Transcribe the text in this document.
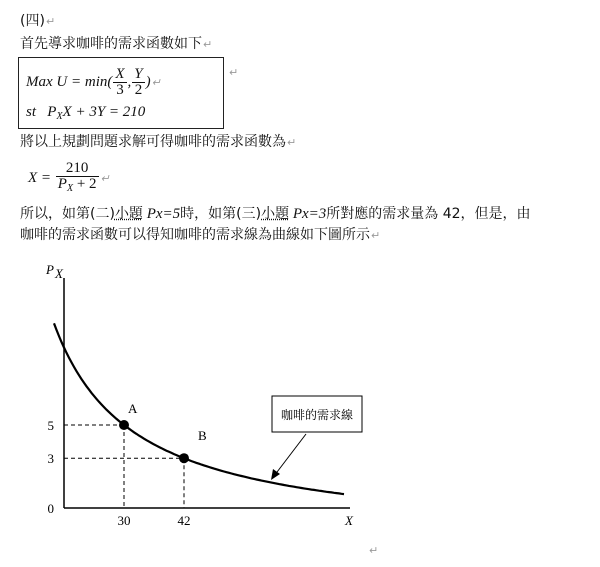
(四)↵
首先導求咖啡的需求函數如下↵
Max $U = \min( \frac{X}{3}$ , $\frac{Y}{2}$ )↵
st $P_XX + 3Y = 210$
↵
將以上規劃問題求解可得咖啡的需求函數為↵
$X = \frac{210}{P_X + 2}$ ↵
所以，如第(二)小題 Px=5時，如第(三)小題 Px=3所對應的需求量為 42，但是，由
咖啡的需求函數可以得知咖啡的需求線為曲線如下圖所示↵
P X
X
A
B
30	42
0
3
5
咖啡的需求線
↵
